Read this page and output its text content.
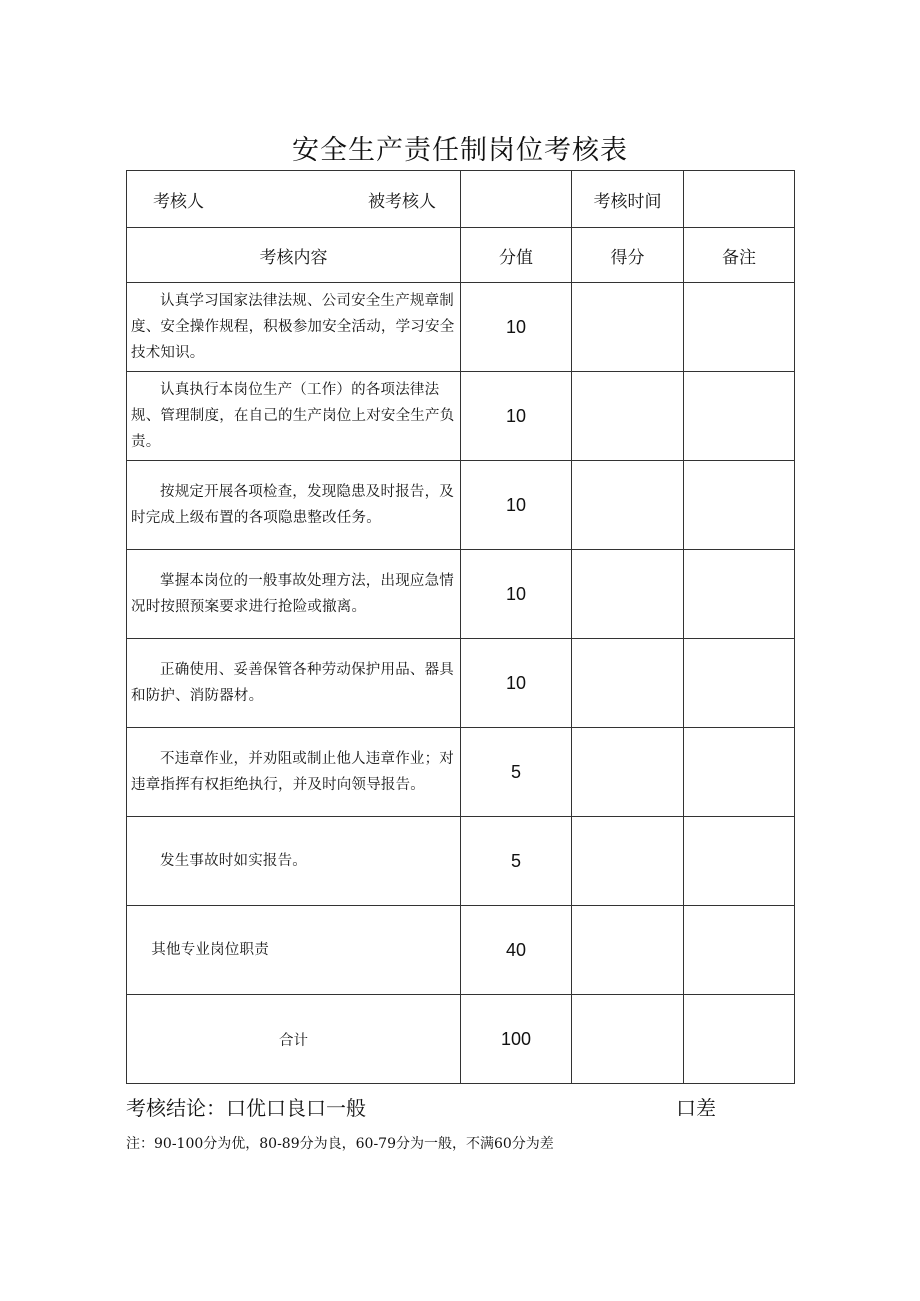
安全生产责任制岗位考核表
考核人 被考核人		考核时间	
考核内容	分值	得分	备注

认真学习国家法律法规、公司安全生产规章制度、安全操作规程，积极参加安全活动，学习安全技术知识。	10		

认真执行本岗位生产（工作）的各项法律法规、管理制度，在自己的生产岗位上对安全生产负责。	10		

按规定开展各项检查，发现隐患及时报告，及时完成上级布置的各项隐患整改任务。	10		

掌握本岗位的一般事故处理方法，出现应急情况时按照预案要求进行抢险或撤离。	10		

正确使用、妥善保管各种劳动保护用品、器具和防护、消防器材。	10		

不违章作业，并劝阻或制止他人违章作业；对违章指挥有权拒绝执行，并及时向领导报告。	5		

发生事故时如实报告。	5		

其他专业岗位职责	40		
合计	100		
考核结论：口优口良口一般	口差
注：90-100分为优，80-89分为良，60-79分为一般，不满60分为差
